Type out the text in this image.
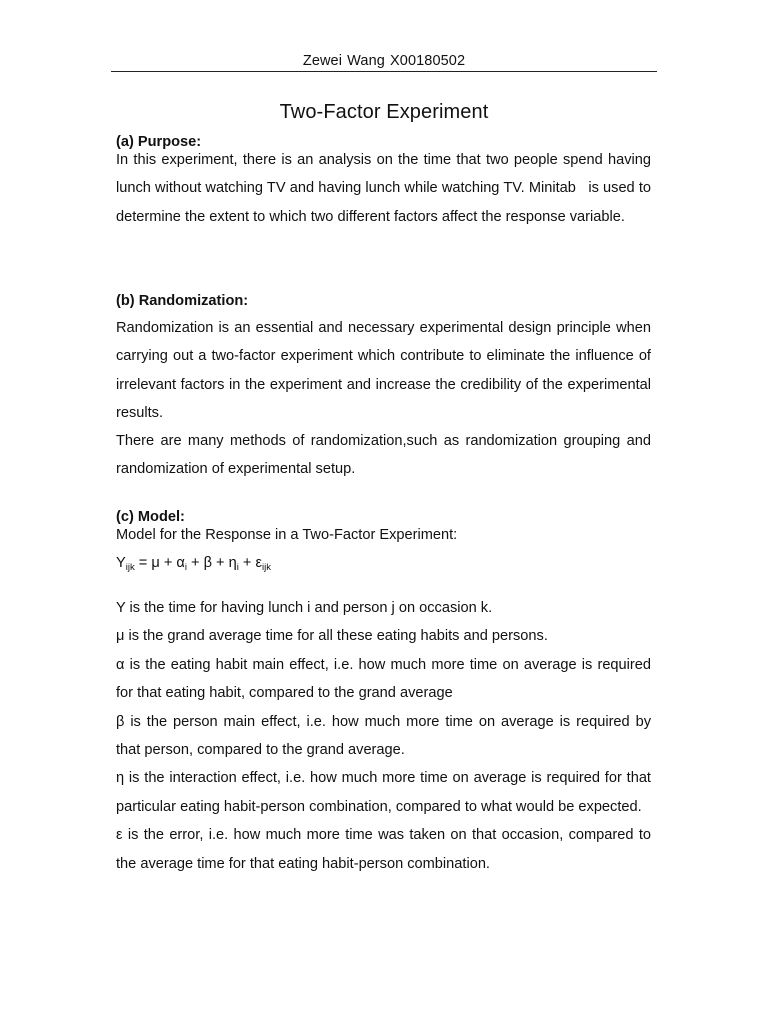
Zewei Wang X00180502
Two-Factor Experiment
(a) Purpose:
In this experiment, there is an analysis on the time that two people spend having lunch without watching TV and having lunch while watching TV. Minitab   is used to determine the extent to which two different factors affect the response variable.
(b) Randomization:
Randomization is an essential and necessary experimental design principle when carrying out a two-factor experiment which contribute to eliminate the influence of irrelevant factors in the experiment and increase the credibility of the experimental results.
There are many methods of randomization,such as randomization grouping and randomization of experimental setup.
(c) Model:
Model for the Response in a Two-Factor Experiment:
$Y_{ijk} = \mu + \alpha_i + \beta + \eta_i + \varepsilon_{ijk}$
Y is the time for having lunch i and person j on occasion k.
μ is the grand average time for all these eating habits and persons.
α is the eating habit main effect, i.e. how much more time on average is required for that eating habit, compared to the grand average
β is the person main effect, i.e. how much more time on average is required by that person, compared to the grand average.
η is the interaction effect, i.e. how much more time on average is required for that particular eating habit-person combination, compared to what would be expected.
ε is the error, i.e. how much more time was taken on that occasion, compared to the average time for that eating habit-person combination.
